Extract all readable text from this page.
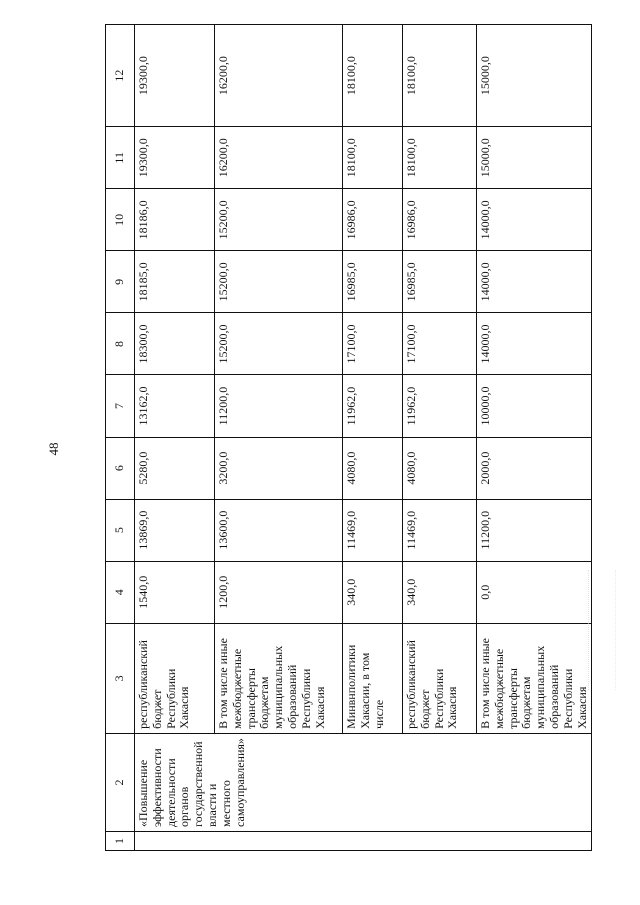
48
1	2	3	4	5	6	7	8	9	10	11	12
	«Повышение эффективности деятельности органов государственной власти и местного самоуправления»	республиканский бюджет Республики Хакасия	1540,0	13869,0	5280,0	13162,0	18300,0	18185,0	18186,0	19300,0	19300,0
		В том числе иные межбюджетные трансферты бюджетам муниципальных образований Республики Хакасия	1200,0	13600,0	3200,0	11200,0	15200,0	15200,0	15200,0	16200,0	16200,0
		Минвнполитики Хакасии, в том числе	340,0	11469,0	4080,0	11962,0	17100,0	16985,0	16986,0	18100,0	18100,0
		республиканский бюджет Республики Хакасия	340,0	11469,0	4080,0	11962,0	17100,0	16985,0	16986,0	18100,0	18100,0
		В том числе иные межбюджетные трансферты бюджетам муниципальных образований Республики Хакасия	0,0	11200,0	2000,0	10000,0	14000,0	14000,0	14000,0	15000,0	15000,0
